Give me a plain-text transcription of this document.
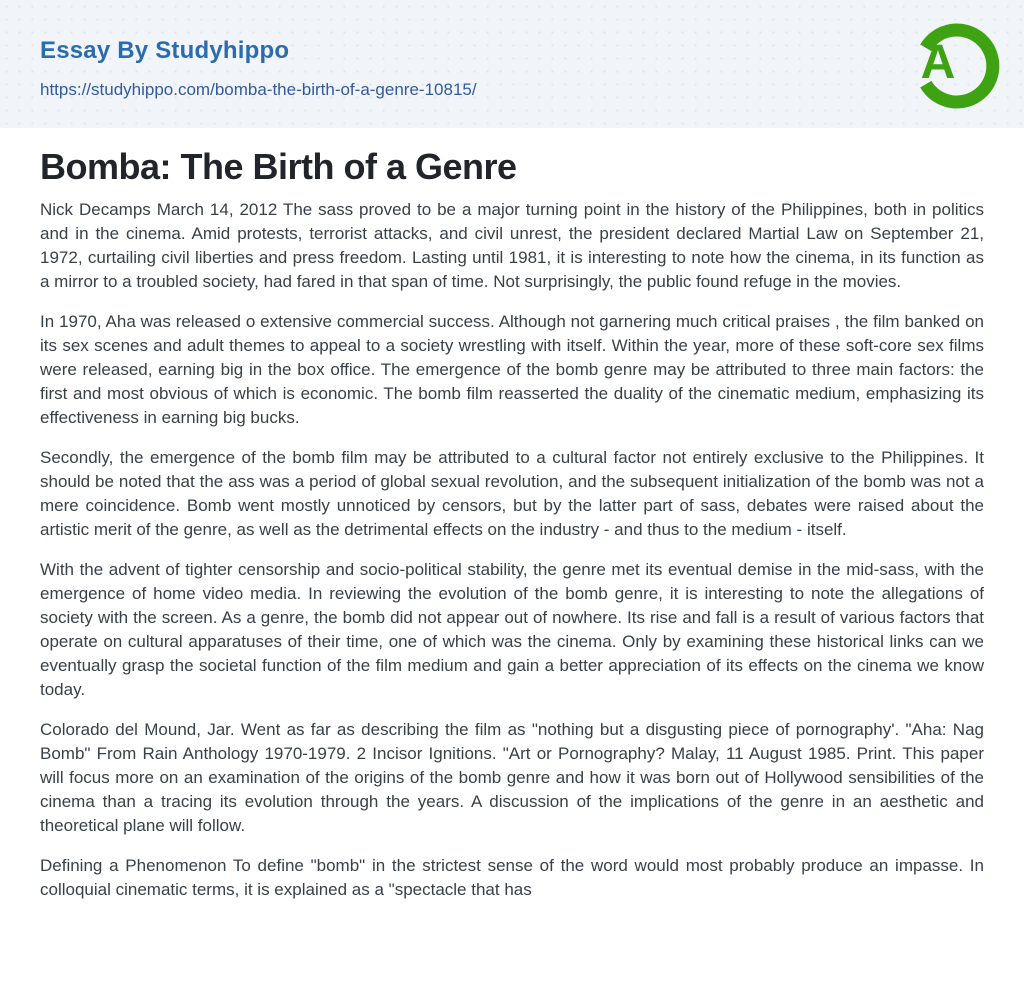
Essay By Studyhippo
https://studyhippo.com/bomba-the-birth-of-a-genre-10815/
A
Bomba: The Birth of a Genre

Nick Decamps March 14, 2012 The sass proved to be a major turning point in the history of the Philippines, both in politics and in the cinema. Amid protests, terrorist attacks, and civil unrest, the president declared Martial Law on September 21, 1972, curtailing civil liberties and press freedom. Lasting until 1981, it is interesting to note how the cinema, in its function as a mirror to a troubled society, had fared in that span of time. Not surprisingly, the public found refuge in the movies.

In 1970, Aha was released o extensive commercial success. Although not garnering much critical praises , the film banked on its sex scenes and adult themes to appeal to a society wrestling with itself. Within the year, more of these soft-core sex films were released, earning big in the box office. The emergence of the bomb genre may be attributed to three main factors: the first and most obvious of which is economic. The bomb film reasserted the duality of the cinematic medium, emphasizing its effectiveness in earning big bucks.

Secondly, the emergence of the bomb film may be attributed to a cultural factor not entirely exclusive to the Philippines. It should be noted that the ass was a period of global sexual revolution, and the subsequent initialization of the bomb was not a mere coincidence. Bomb went mostly unnoticed by censors, but by the latter part of sass, debates were raised about the artistic merit of the genre, as well as the detrimental effects on the industry - and thus to the medium - itself.

With the advent of tighter censorship and socio-political stability, the genre met its eventual demise in the mid-sass, with the emergence of home video media. In reviewing the evolution of the bomb genre, it is interesting to note the allegations of society with the screen. As a genre, the bomb did not appear out of nowhere. Its rise and fall is a result of various factors that operate on cultural apparatuses of their time, one of which was the cinema. Only by examining these historical links can we eventually grasp the societal function of the film medium and gain a better appreciation of its effects on the cinema we know today.

Colorado del Mound, Jar. Went as far as describing the film as "nothing but a disgusting piece of pornography'. "Aha: Nag Bomb" From Rain Anthology 1970-1979. 2 Incisor Ignitions. "Art or Pornography? Malay, 11 August 1985. Print. This paper will focus more on an examination of the origins of the bomb genre and how it was born out of Hollywood sensibilities of the cinema than a tracing its evolution through the years. A discussion of the implications of the genre in an aesthetic and theoretical plane will follow.

Defining a Phenomenon To define "bomb" in the strictest sense of the word would most probably produce an impasse. In colloquial cinematic terms, it is explained as a "spectacle that has
